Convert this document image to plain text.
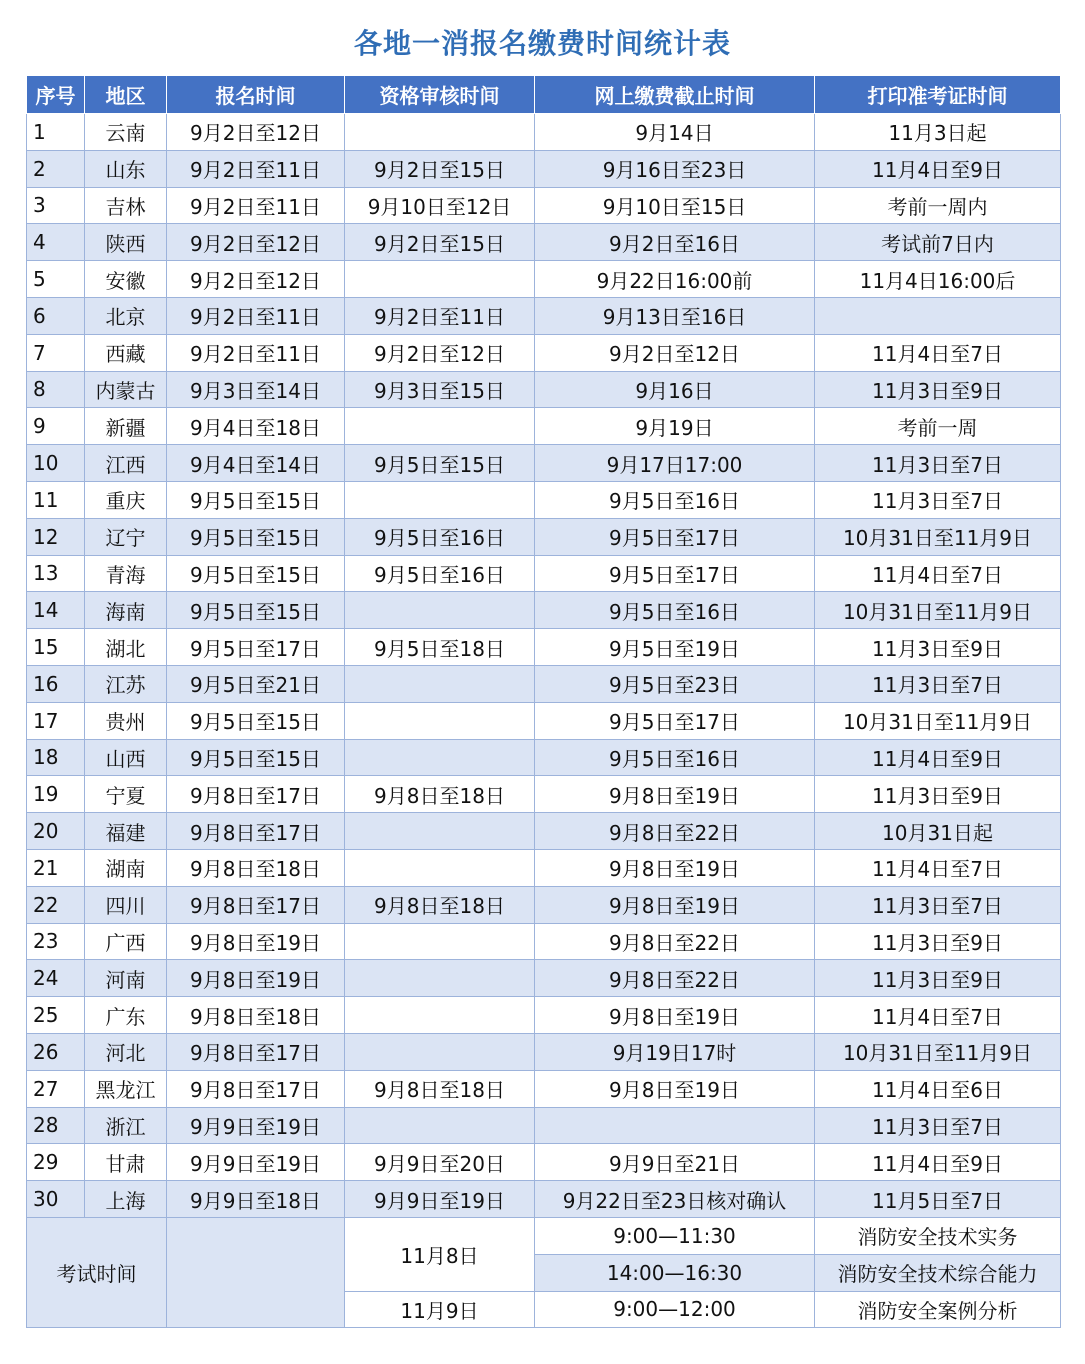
各地一消报名缴费时间统计表
序号	地区	报名时间	资格审核时间	网上缴费截止时间	打印准考证时间
1	云南	9月2日至12日		9月14日	11月3日起
2	山东	9月2日至11日	9月2日至15日	9月16日至23日	11月4日至9日
3	吉林	9月2日至11日	9月10日至12日	9月10日至15日	考前一周内
4	陕西	9月2日至12日	9月2日至15日	9月2日至16日	考试前7日内
5	安徽	9月2日至12日		9月22日16:00前	11月4日16:00后
6	北京	9月2日至11日	9月2日至11日	9月13日至16日	
7	西藏	9月2日至11日	9月2日至12日	9月2日至12日	11月4日至7日
8	内蒙古	9月3日至14日	9月3日至15日	9月16日	11月3日至9日
9	新疆	9月4日至18日		9月19日	考前一周
10	江西	9月4日至14日	9月5日至15日	9月17日17:00	11月3日至7日
11	重庆	9月5日至15日		9月5日至16日	11月3日至7日
12	辽宁	9月5日至15日	9月5日至16日	9月5日至17日	10月31日至11月9日
13	青海	9月5日至15日	9月5日至16日	9月5日至17日	11月4日至7日
14	海南	9月5日至15日		9月5日至16日	10月31日至11月9日
15	湖北	9月5日至17日	9月5日至18日	9月5日至19日	11月3日至9日
16	江苏	9月5日至21日		9月5日至23日	11月3日至7日
17	贵州	9月5日至15日		9月5日至17日	10月31日至11月9日
18	山西	9月5日至15日		9月5日至16日	11月4日至9日
19	宁夏	9月8日至17日	9月8日至18日	9月8日至19日	11月3日至9日
20	福建	9月8日至17日		9月8日至22日	10月31日起
21	湖南	9月8日至18日		9月8日至19日	11月4日至7日
22	四川	9月8日至17日	9月8日至18日	9月8日至19日	11月3日至7日
23	广西	9月8日至19日		9月8日至22日	11月3日至9日
24	河南	9月8日至19日		9月8日至22日	11月3日至9日
25	广东	9月8日至18日		9月8日至19日	11月4日至7日
26	河北	9月8日至17日		9月19日17时	10月31日至11月9日
27	黑龙江	9月8日至17日	9月8日至18日	9月8日至19日	11月4日至6日
28	浙江	9月9日至19日			11月3日至7日
29	甘肃	9月9日至19日	9月9日至20日	9月9日至21日	11月4日至9日
30	上海	9月9日至18日	9月9日至19日	9月22日至23日核对确认	11月5日至7日
考试时间			11月8日	9:00—11:30	消防安全技术实务
				14:00—16:30	消防安全技术综合能力
			11月9日	9:00—12:00	消防安全案例分析
